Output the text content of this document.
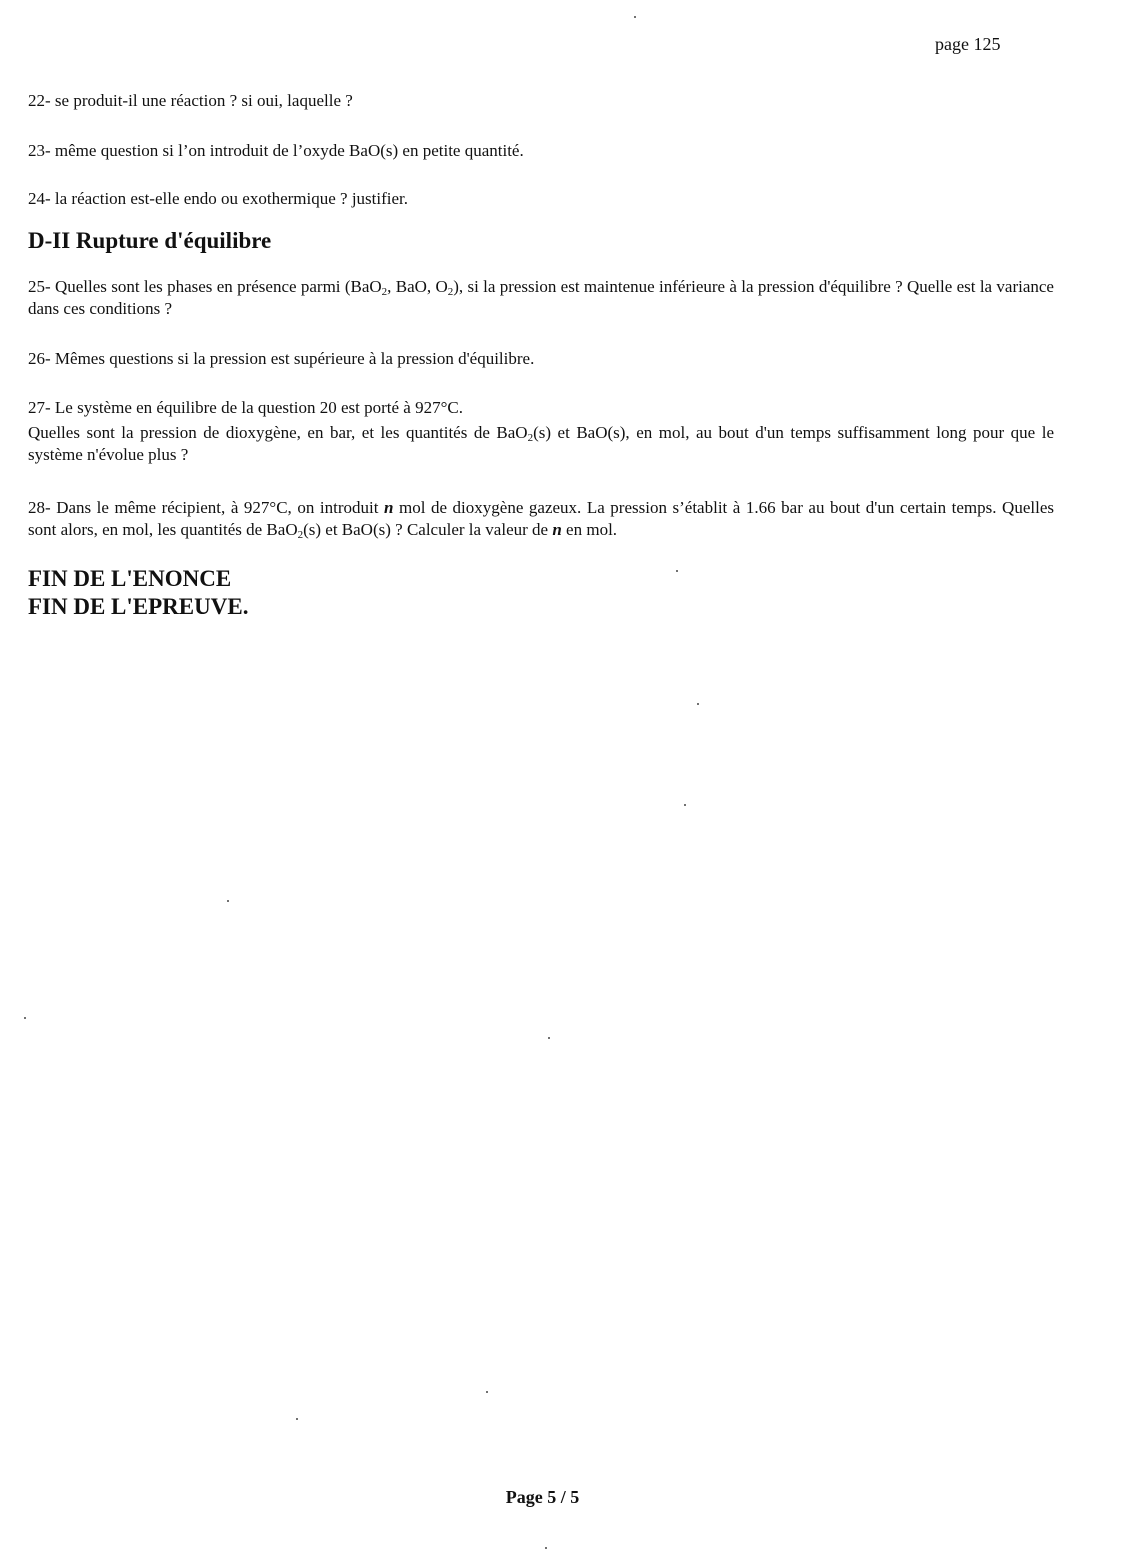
page 125
22- se produit-il une réaction ? si oui, laquelle ?
23- même question si l’on introduit de l’oxyde BaO(s) en petite quantité.
24- la réaction est-elle endo ou exothermique ? justifier.
D-II Rupture d'équilibre
25- Quelles sont les phases en présence parmi (BaO$_2$, BaO, $O_2$), si la pression est maintenue inférieure à la pression d'équilibre ? Quelle est la variance dans ces conditions ?
26- Mêmes questions si la pression est supérieure à la pression d'équilibre.
27- Le système en équilibre de la question 20 est porté à 927°C.
Quelles sont la pression de dioxygène, en bar, et les quantités de BaO$_2$(s) et BaO(s), en mol, au bout d'un temps suffisamment long pour que le système n'évolue plus ?
28- Dans le même récipient, à 927°C, on introduit n mol de dioxygène gazeux. La pression s’établit à 1.66 bar au bout d'un certain temps. Quelles sont alors, en mol, les quantités de BaO$_2$(s) et BaO(s) ? Calculer la valeur de n en mol.
FIN DE L'ENONCE
FIN DE L'EPREUVE.
Page 5 / 5
